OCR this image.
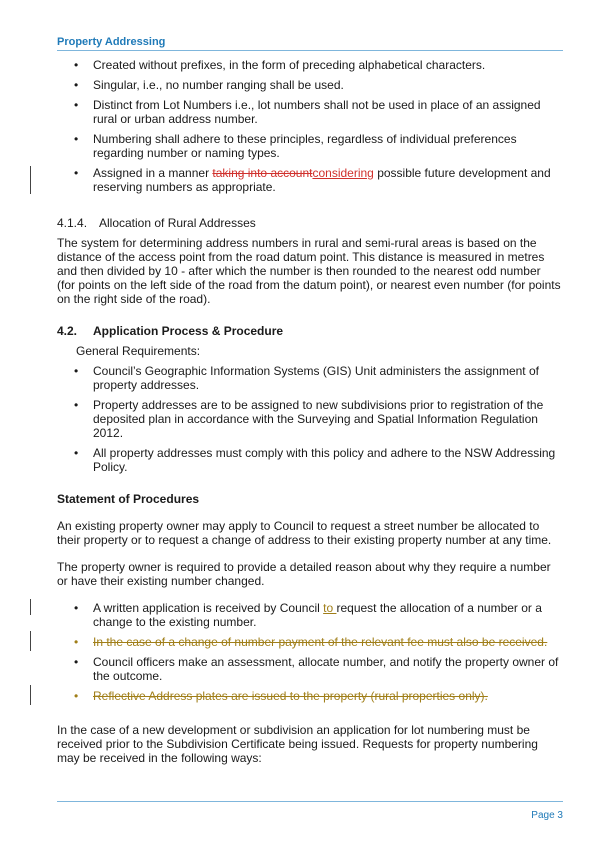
Property Addressing
• Created without prefixes, in the form of preceding alphabetical characters.
• Singular, i.e., no number ranging shall be used.
• Distinct from Lot Numbers i.e., lot numbers shall not be used in place of an assigned rural or urban address number.
• Numbering shall adhere to these principles, regardless of individual preferences regarding number or naming types.
• Assigned in a manner taking into accountconsidering possible future development and reserving numbers as appropriate.
4.1.4. Allocation of Rural Addresses

The system for determining address numbers in rural and semi-rural areas is based on the distance of the access point from the road datum point. This distance is measured in metres and then divided by 10 - after which the number is then rounded to the nearest odd number (for points on the left side of the road from the datum point), or nearest even number (for points on the right side of the road).

4.2. Application Process & Procedure

General Requirements:

• Council’s Geographic Information Systems (GIS) Unit administers the assignment of property addresses.
• Property addresses are to be assigned to new subdivisions prior to registration of the deposited plan in accordance with the Surveying and Spatial Information Regulation 2012.
• All property addresses must comply with this policy and adhere to the NSW Addressing Policy.
Statement of Procedures

An existing property owner may apply to Council to request a street number be allocated to their property or to request a change of address to their existing property number at any time.

The property owner is required to provide a detailed reason about why they require a number or have their existing number changed.

• A written application is received by Council to request the allocation of a number or a change to the existing number.
• In the case of a change of number payment of the relevant fee must also be received.
• Council officers make an assessment, allocate number, and notify the property owner of the outcome.
• Reflective Address plates are issued to the property (rural properties only).

In the case of a new development or subdivision an application for lot numbering must be received prior to the Subdivision Certificate being issued. Requests for property numbering may be received in the following ways:

Page 3
